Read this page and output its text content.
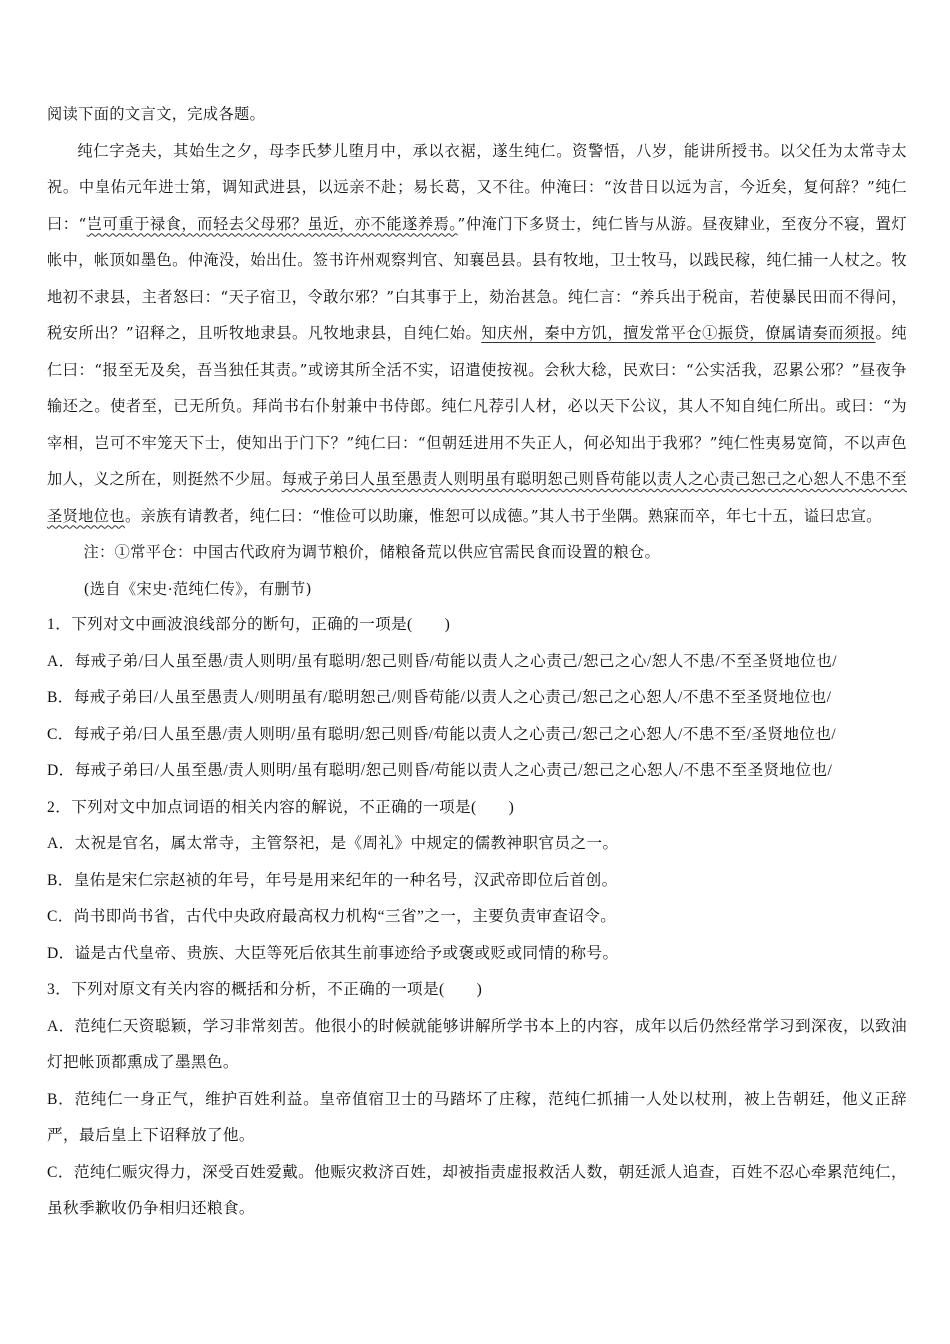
阅读下面的文言文，完成各题。

纯仁字尧夫，其始生之夕，母李氏梦儿堕月中，承以衣裾，遂生纯仁。资警悟，八岁，能讲所授书。以父任为太常寺太祝。中皇佑元年进士第，调知武进县，以远亲不赴；易长葛，又不往。仲淹曰：“汝昔日以远为言，今近矣，复何辞？”纯仁曰：“岂可重于禄食，而轻去父母邪？虽近，亦不能遂养焉。”仲淹门下多贤士，纯仁皆与从游。昼夜肄业，至夜分不寝，置灯帐中，帐顶如墨色。仲淹没，始出仕。签书许州观察判官、知襄邑县。县有牧地，卫士牧马，以践民稼，纯仁捕一人杖之。牧地初不隶县，主者怒曰：“天子宿卫，令敢尔邪？”白其事于上，劾治甚急。纯仁言：“养兵出于税亩，若使暴民田而不得问，税安所出？”诏释之，且听牧地隶县。凡牧地隶县，自纯仁始。知庆州，秦中方饥，擅发常平仓①振贷，僚属请奏而须报。纯仁曰：“报至无及矣，吾当独任其责。”或谤其所全活不实，诏遣使按视。会秋大稔，民欢曰：“公实活我，忍累公邪？”昼夜争输还之。使者至，已无所负。拜尚书右仆射兼中书侍郎。纯仁凡荐引人材，必以天下公议，其人不知自纯仁所出。或曰：“为宰相，岂可不牢笼天下士，使知出于门下？”纯仁曰：“但朝廷进用不失正人，何必知出于我邪？”纯仁性夷易宽简，不以声色加人，义之所在，则挺然不少屈。每戒子弟曰人虽至愚责人则明虽有聪明恕己则昏苟能以责人之心责己恕己之心恕人不患不至圣贤地位也。亲族有请教者，纯仁曰：“惟俭可以助廉，惟恕可以成德。”其人书于坐隅。熟寐而卒，年七十五，谥曰忠宣。

注：①常平仓：中国古代政府为调节粮价，储粮备荒以供应官需民食而设置的粮仓。
(选自《宋史·范纯仁传》，有删节)
1．下列对文中画波浪线部分的断句，正确的一项是(　　)
A．每戒子弟/曰人虽至愚/责人则明/虽有聪明/恕己则昏/苟能以责人之心责己/恕己之心/恕人不患/不至圣贤地位也/
B．每戒子弟曰/人虽至愚责人/则明虽有/聪明恕己/则昏苟能/以责人之心责己/恕己之心恕人/不患不至圣贤地位也/
C．每戒子弟/曰人虽至愚/责人则明/虽有聪明/恕己则昏/苟能以责人之心责己/恕己之心恕人/不患不至/圣贤地位也/
D．每戒子弟曰/人虽至愚/责人则明/虽有聪明/恕己则昏/苟能以责人之心责己/恕己之心恕人/不患不至圣贤地位也/
2．下列对文中加点词语的相关内容的解说，不正确的一项是(　　)
A．太祝是官名，属太常寺，主管祭祀，是《周礼》中规定的儒教神职官员之一。
B．皇佑是宋仁宗赵祯的年号，年号是用来纪年的一种名号，汉武帝即位后首创。
C．尚书即尚书省，古代中央政府最高权力机构“三省”之一，主要负责审查诏令。
D．谥是古代皇帝、贵族、大臣等死后依其生前事迹给予或褒或贬或同情的称号。
3．下列对原文有关内容的概括和分析，不正确的一项是(　　)

A．范纯仁天资聪颖，学习非常刻苦。他很小的时候就能够讲解所学书本上的内容，成年以后仍然经常学习到深夜，以致油灯把帐顶都熏成了墨黑色。

B．范纯仁一身正气，维护百姓利益。皇帝值宿卫士的马踏坏了庄稼，范纯仁抓捕一人处以杖刑，被上告朝廷，他义正辞严，最后皇上下诏释放了他。

C．范纯仁赈灾得力，深受百姓爱戴。他赈灾救济百姓，却被指责虚报救活人数，朝廷派人追查，百姓不忍心牵累范纯仁，虽秋季歉收仍争相归还粮食。
